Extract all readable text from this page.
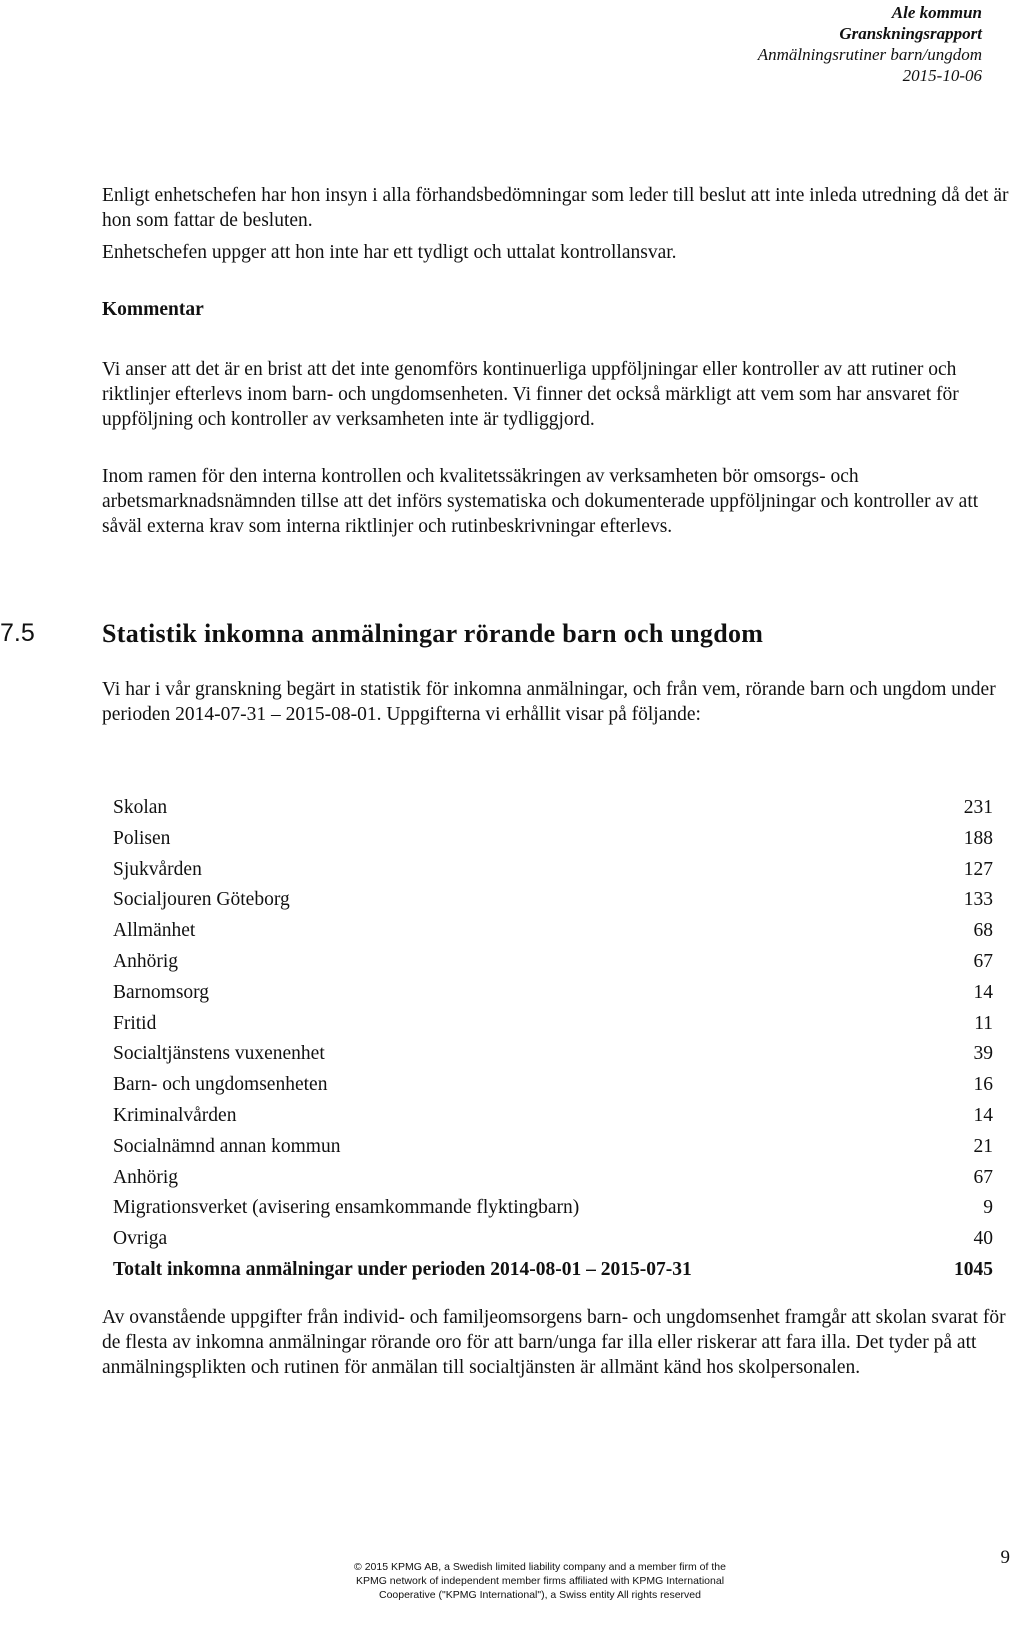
Ale kommun
Granskningsrapport
Anmälningsrutiner barn/ungdom
2015-10-06

Enligt enhetschefen har hon insyn i alla förhandsbedömningar som leder till beslut att inte inleda utredning då det är hon som fattar de besluten.

Enhetschefen uppger att hon inte har ett tydligt och uttalat kontrollansvar.

Kommentar

Vi anser att det är en brist att det inte genomförs kontinuerliga uppföljningar eller kontroller av att rutiner och riktlinjer efterlevs inom barn- och ungdomsenheten. Vi finner det också märkligt att vem som har ansvaret för uppföljning och kontroller av verksamheten inte är tydliggjord.

Inom ramen för den interna kontrollen och kvalitetssäkringen av verksamheten bör omsorgs- och arbetsmarknadsnämnden tillse att det införs systematiska och dokumenterade uppföljningar och kontroller av att såväl externa krav som interna riktlinjer och rutinbeskrivningar efterlevs.

7.5	Statistik inkomna anmälningar rörande barn och ungdom

Vi har i vår granskning begärt in statistik för inkomna anmälningar, och från vem, rörande barn och ungdom under perioden 2014-07-31 – 2015-08-01. Uppgifterna vi erhållit visar på följande:

Skolan	231
Polisen	188
Sjukvården	127
Socialjouren Göteborg	133
Allmänhet	68
Anhörig	67
Barnomsorg	14
Fritid	11
Socialtjänstens vuxenenhet	39
Barn- och ungdomsenheten	16
Kriminalvården	14
Socialnämnd annan kommun	21
Anhörig	67
Migrationsverket (avisering ensamkommande flyktingbarn)	9
Ovriga	40
Totalt inkomna anmälningar under perioden 2014-08-01 – 2015-07-31	1045

Av ovanstående uppgifter från individ- och familjeomsorgens barn- och ungdomsenhet framgår att skolan svarat för de flesta av inkomna anmälningar rörande oro för att barn/unga far illa eller riskerar att fara illa. Det tyder på att anmälningsplikten och rutinen för anmälan till socialtjänsten är allmänt känd hos skolpersonalen.

© 2015 KPMG AB, a Swedish limited liability company and a member firm of the
KPMG network of independent member firms affiliated with KPMG International
Cooperative ("KPMG International"), a Swiss entity All rights reserved
9
